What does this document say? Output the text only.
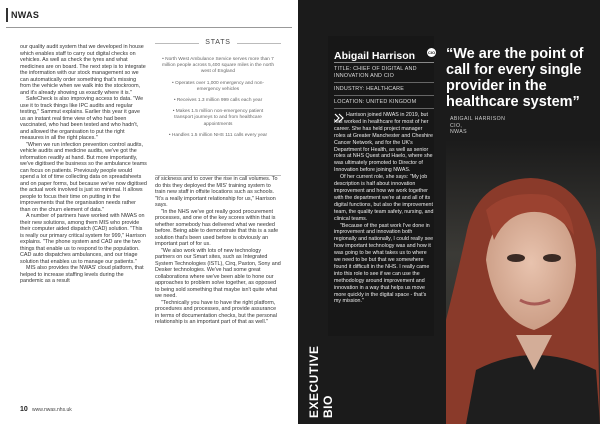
NWAS

our quality audit system that we developed in house which enables staff to carry out digital checks on vehicles. As well as check the tyres and what medicines are on board. The next step is to integrate the information with our stock management so we can automatically order something that's missing from the vehicle when we walk into the stockroom, and it's already showing us exactly where it is."

SafeCheck is also improving access to data. "We use it to track things like IPC audits and regular testing," Sammut explains. Earlier this year it gave us an instant real time view of who had been vaccinated, who had been tested and who hadn't, and allowed the organisation to put the right measures in all the right places."

"When we run infection prevention control audits, vehicle audits and medicine audits, we've got the information readily at hand. But more importantly, we've digitised the business so the ambulance teams can focus on patients. Previously people would spend a lot of time collecting data on spreadsheets and on paper forms, but because we've now digitised the actual work involved is just so minimal. It allows people to focus their time on putting in the improvements that the organisation needs rather than on the churn element of data."

A number of partners have worked with NWAS on their new solutions, among them MIS who provide their computer aided dispatch (CAD) solution. "This is really our primary critical system for 999," Harrison explains. "The phone system and CAD are the two things that enable us to respond to the population. CAD auto dispatches ambulances, and our triage solution that enables us to manage our patients."

MIS also provides the NWAS' cloud platform, that helped to increase staffing levels during the pandemic as a result

STATS
• North West Ambulance Service serves more than 7 million people across 5,400 square miles in the north west of England
• Operates over 1,000 emergency and non-emergency vehicles
• Receives 1.3 million 999 calls each year
• Makes 1.5 million non-emergency patient transport journeys to and from healthcare appointments
• Handles 1.5 million NHS 111 calls every year

of sickness and to cover the rise in call volumes. To do this they deployed the MIS' training system to train new staff in offsite locations such as schools. "It's a really important relationship for us," Harrison says.

"In the NHS we've got really good procurement processes, and one of the key scores within that is whether somebody has delivered what we needed before. Being able to demonstrate that this is a safe solution that's been used before is obviously an important part of for us.

"We also work with lots of new technology partners on our Smart sites, such as Integrated System Technologies (ISTL), Cirq, Paxton, Sony and Desker technologies. We've had some great collaborations where we've been able to hone our approaches to problem solve together, as opposed to being sold something that maybe isn't quite what we need.

"Technically you have to have the right platform, procedures and processes, and provide assurance in terms of documentation checks, but the personal relationship is an important part of that as well."

10 www.nwas.nhs.uk
Abigail Harrison	CIO
TITLE: CHIEF OF DIGITAL AND INNOVATION AND CIO
INDUSTRY: HEALTHCARE
LOCATION: UNITED KINGDOM

Harrison joined NWAS in 2019, but has worked in healthcare for most of her career. She has held project manager roles at Greater Manchester and Cheshire Cancer Network, and for the UK's Department for Health, as well as senior roles at NHS Quest and Haelo, where she was ultimately promoted to Director of Innovation before joining NWAS.

Of her current role, she says: "My job description is half about innovation improvement and how we work together with the department we're at and all of its digital functions, but also the improvement team, the quality team safety, nursing, and clinical teams.

"Because of the past work I've done in improvement and innovation both regionally and nationally, I could really see how important technology was and how it was going to be what takes us to where we need to be but that we somewhere found it difficult in the NHS. I really came into this role to see if we can use the methodology around improvement and innovation in a way that helps us move more quickly in the digital space - that's my mission."

“We are the point of call for every single provider in the healthcare system”
ABIGAIL HARRISON
CIO,
NWAS
EXECUTIVE BIO
